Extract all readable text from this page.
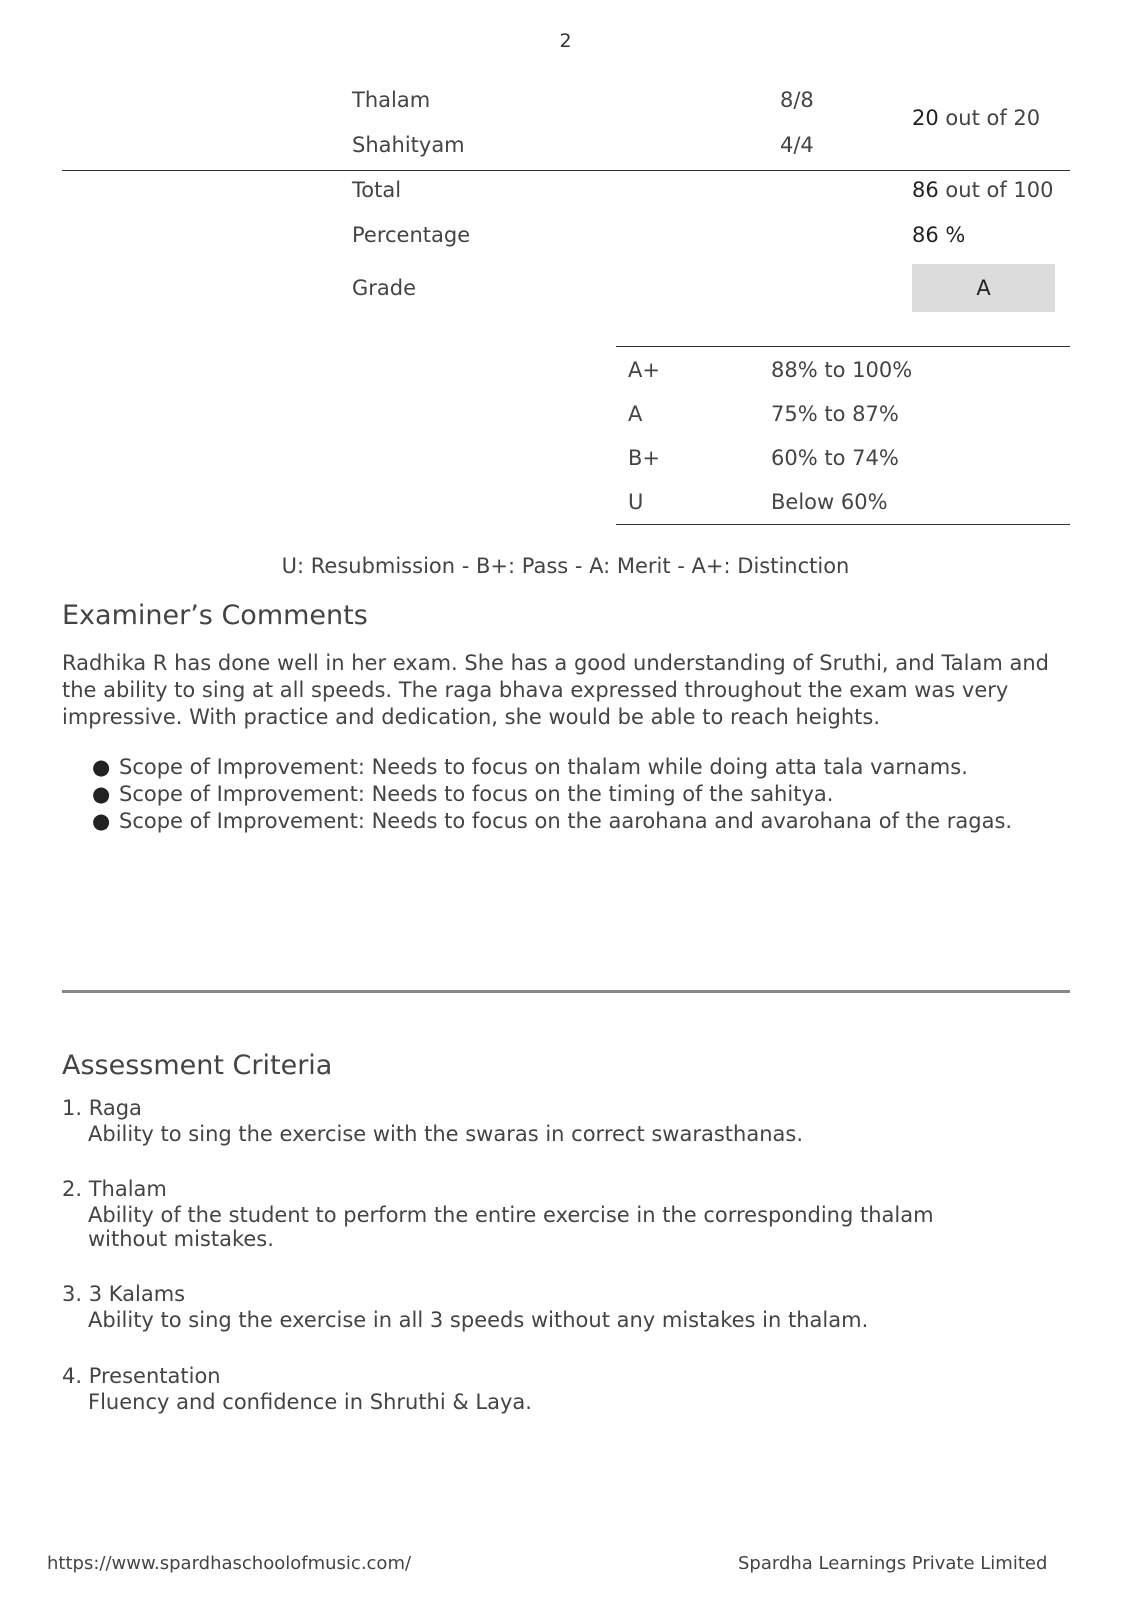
2
Thalam	8/8
Shahityam	4/4
20 out of 20
Total	86 out of 100
Percentage	86 %
Grade	A
A+	88% to 100%
A	75% to 87%
B+	60% to 74%
U	Below 60%
U: Resubmission - B+: Pass - A: Merit - A+: Distinction
Examiner’s Comments

Radhika R has done well in her exam. She has a good understanding of Sruthi, and Talam and the ability to sing at all speeds. The raga bhava expressed throughout the exam was very impressive. With practice and dedication, she would be able to reach heights.

● Scope of Improvement: Needs to focus on thalam while doing atta tala varnams.
● Scope of Improvement: Needs to focus on the timing of the sahitya.
● Scope of Improvement: Needs to focus on the aarohana and avarohana of the ragas.
Assessment Criteria
1. Raga
Ability to sing the exercise with the swaras in correct swarasthanas.
2. Thalam
Ability of the student to perform the entire exercise in the corresponding thalam without mistakes.
3. 3 Kalams
Ability to sing the exercise in all 3 speeds without any mistakes in thalam.
4. Presentation
Fluency and confidence in Shruthi & Laya.
https://www.spardhaschoolofmusic.com/	Spardha Learnings Private Limited
